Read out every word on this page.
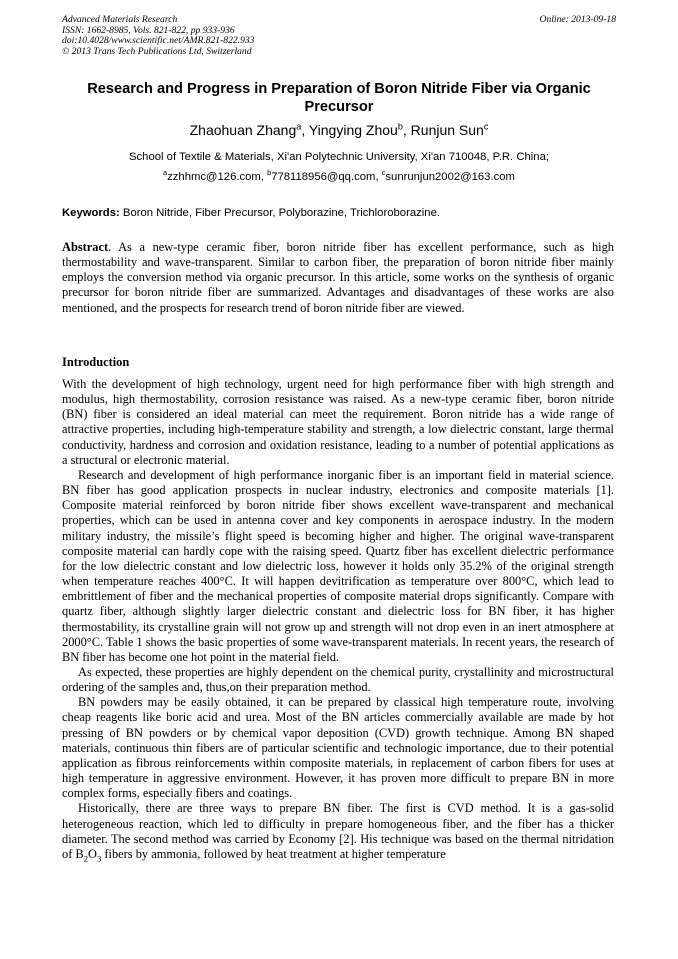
Advanced Materials Research
ISSN: 1662-8985, Vols. 821-822, pp 933-936
doi:10.4028/www.scientific.net/AMR.821-822.933
© 2013 Trans Tech Publications Ltd, Switzerland
Online: 2013-09-18
Research and Progress in Preparation of Boron Nitride Fiber via Organic Precursor
Zhaohuan Zhang$^a$, Yingying Zhou$^b$, Runjun Sun$^c$
School of Textile & Materials, Xi'an Polytechnic University, Xi'an 710048, P.R. China;
$^a$zzhhmc@126.com, $^b$778118956@qq.com, $^c$sunrunjun2002@163.com
Keywords: Boron Nitride, Fiber Precursor, Polyborazine, Trichloroborazine.
Abstract. As a new-type ceramic fiber, boron nitride fiber has excellent performance, such as high thermostability and wave-transparent. Similar to carbon fiber, the preparation of boron nitride fiber mainly employs the conversion method via organic precursor. In this article, some works on the synthesis of organic precursor for boron nitride fiber are summarized. Advantages and disadvantages of these works are also mentioned, and the prospects for research trend of boron nitride fiber are viewed.
Introduction

With the development of high technology, urgent need for high performance fiber with high strength and modulus, high thermostability, corrosion resistance was raised. As a new-type ceramic fiber, boron nitride (BN) fiber is considered an ideal material can meet the requirement. Boron nitride has a wide range of attractive properties, including high-temperature stability and strength, a low dielectric constant, large thermal conductivity, hardness and corrosion and oxidation resistance, leading to a number of potential applications as a structural or electronic material.

Research and development of high performance inorganic fiber is an important field in material science. BN fiber has good application prospects in nuclear industry, electronics and composite materials [1]. Composite material reinforced by boron nitride fiber shows excellent wave-transparent and mechanical properties, which can be used in antenna cover and key components in aerospace industry. In the modern military industry, the missile’s flight speed is becoming higher and higher. The original wave-transparent composite material can hardly cope with the raising speed. Quartz fiber has excellent dielectric performance for the low dielectric constant and low dielectric loss, however it holds only 35.2% of the original strength when temperature reaches 400°C. It will happen devitrification as temperature over 800°C, which lead to embrittlement of fiber and the mechanical properties of composite material drops significantly. Compare with quartz fiber, although slightly larger dielectric constant and dielectric loss for BN fiber, it has higher thermostability, its crystalline grain will not grow up and strength will not drop even in an inert atmosphere at 2000°C. Table 1 shows the basic properties of some wave-transparent materials. In recent years, the research of BN fiber has become one hot point in the material field.

As expected, these properties are highly dependent on the chemical purity, crystallinity and microstructural ordering of the samples and, thus,on their preparation method.

BN powders may be easily obtained, it can be prepared by classical high temperature route, involving cheap reagents like boric acid and urea. Most of the BN articles commercially available are made by hot pressing of BN powders or by chemical vapor deposition (CVD) growth technique. Among BN shaped materials, continuous thin fibers are of particular scientific and technologic importance, due to their potential application as fibrous reinforcements within composite materials, in replacement of carbon fibers for uses at high temperature in aggressive environment. However, it has proven more difficult to prepare BN in more complex forms, especially fibers and coatings.

Historically, there are three ways to prepare BN fiber. The first is CVD method. It is a gas-solid heterogeneous reaction, which led to difficulty in prepare homogeneous fiber, and the fiber has a thicker diameter. The second method was carried by Economy [2]. His technique was based on the thermal nitridation of $B_2O_3$ fibers by ammonia, followed by heat treatment at higher temperature
